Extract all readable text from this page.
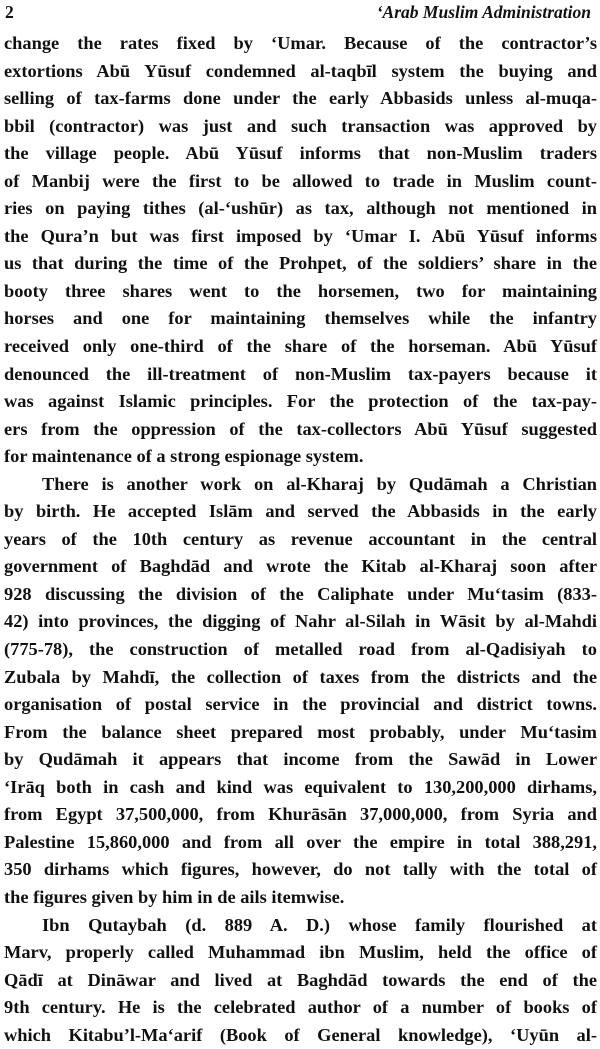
2	‘Arab Muslim Administration
change the rates fixed by ‘Umar. Because of the contractor’s
extortions Abū Yūsuf condemned al-taqbīl system the buying and
selling of tax-farms done under the early Abbasids unless al-muqa-
bbil (contractor) was just and such transaction was approved by
the village people. Abū Yūsuf informs that non-Muslim traders
of Manbij were the first to be allowed to trade in Muslim count-
ries on paying tithes (al-‘ushūr) as tax, although not mentioned in
the Qura’n but was first imposed by ‘Umar I. Abū Yūsuf informs
us that during the time of the Prohpet, of the soldiers’ share in the
booty three shares went to the horsemen, two for maintaining
horses and one for maintaining themselves while the infantry
received only one-third of the share of the horseman. Abū Yūsuf
denounced the ill-treatment of non-Muslim tax-payers because it
was against Islamic principles. For the protection of the tax-pay-
ers from the oppression of the tax-collectors Abū Yūsuf suggested
for maintenance of a strong espionage system.
There is another work on al-Kharaj by Qudāmah a Christian
by birth. He accepted Islām and served the Abbasids in the early
years of the 10th century as revenue accountant in the central
government of Baghdād and wrote the Kitab al-Kharaj soon after
928 discussing the division of the Caliphate under Mu‘tasim (833-
42) into provinces, the digging of Nahr al-Silah in Wāsit by al-Mahdi
(775-78), the construction of metalled road from al-Qadisiyah to
Zubala by Mahdī, the collection of taxes from the districts and the
organisation of postal service in the provincial and district towns.
From the balance sheet prepared most probably, under Mu‘tasim
by Qudāmah it appears that income from the Sawād in Lower
‘Irāq both in cash and kind was equivalent to 130,200,000 dirhams,
from Egypt 37,500,000, from Khurāsān 37,000,000, from Syria and
Palestine 15,860,000 and from all over the empire in total 388,291,
350 dirhams which figures, however, do not tally with the total of
the figures given by him in de ails itemwise.
Ibn Qutaybah (d. 889 A. D.) whose family flourished at
Marv, properly called Muhammad ibn Muslim, held the office of
Qādī at Dināwar and lived at Baghdād towards the end of the
9th century. He is the celebrated author of a number of books of
which Kitabu’l-Ma‘arif (Book of General knowledge), ‘Uyūn al-
